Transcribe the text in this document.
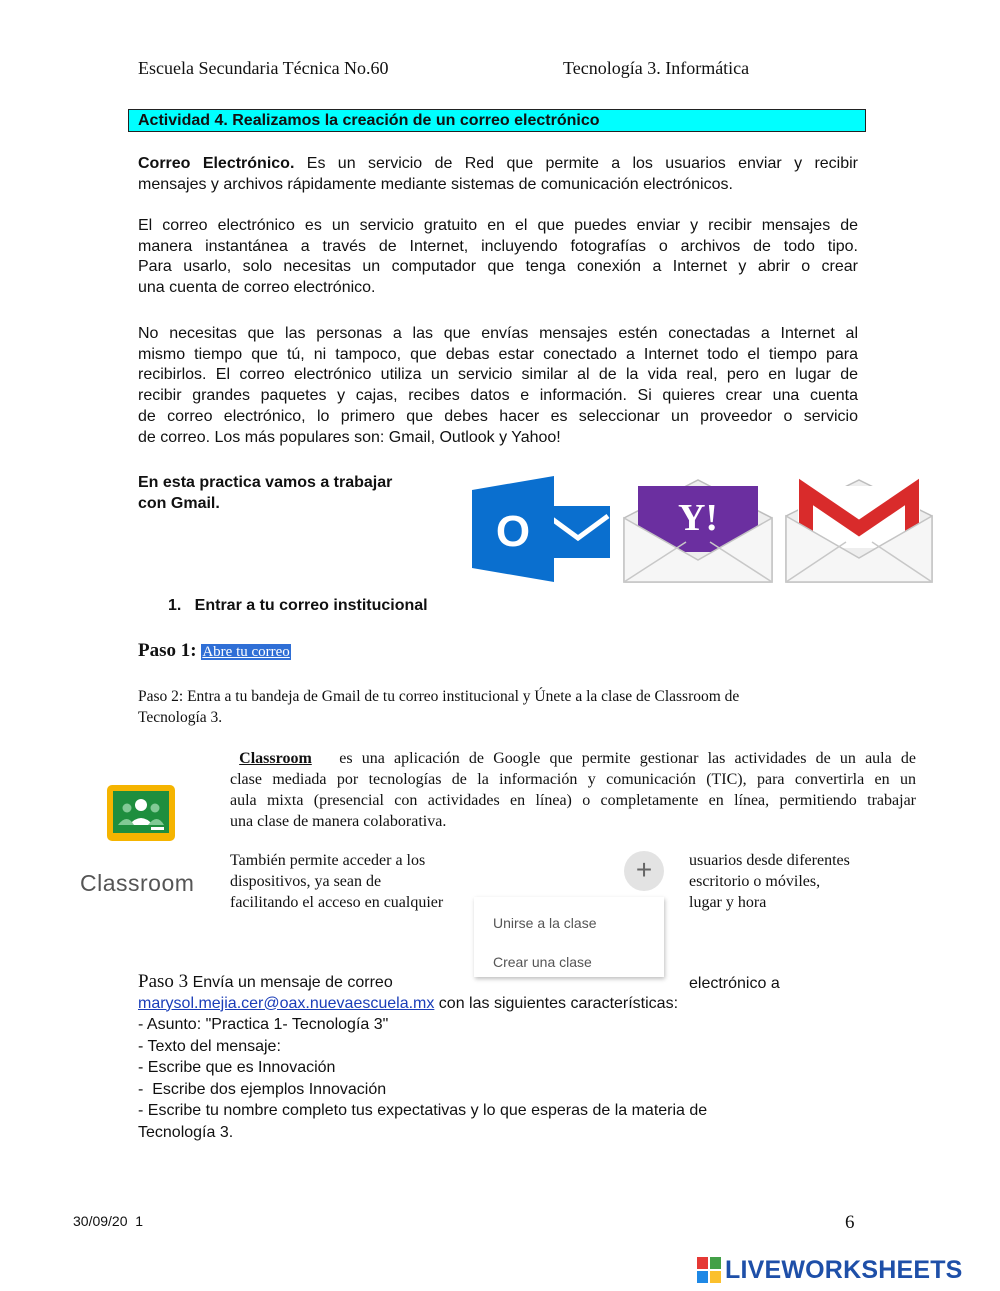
Escuela Secundaria Técnica No.60	Tecnología 3. Informática
Actividad 4. Realizamos la creación de un correo electrónico
Correo Electrónico. Es un servicio de Red que permite a los usuarios enviar y recibir
mensajes y archivos rápidamente mediante sistemas de comunicación electrónicos.
El correo electrónico es un servicio gratuito en el que puedes enviar y recibir mensajes de
manera instantánea a través de Internet, incluyendo fotografías o archivos de todo tipo.
Para usarlo, solo necesitas un computador que tenga conexión a Internet y abrir o crear
una cuenta de correo electrónico.
No necesitas que las personas a las que envías mensajes estén conectadas a Internet al
mismo tiempo que tú, ni tampoco, que debas estar conectado a Internet todo el tiempo para
recibirlos. El correo electrónico utiliza un servicio similar al de la vida real, pero en lugar de
recibir grandes paquetes y cajas, recibes datos e información. Si quieres crear una cuenta
de correo electrónico, lo primero que debes hacer es seleccionar un proveedor o servicio
de correo. Los más populares son: Gmail, Outlook y Yahoo!
En esta practica vamos a trabajar
con Gmail.
O	Y!
1.   Entrar a tu correo institucional
Paso 1: Abre tu correo
Paso 2: Entra a tu bandeja de Gmail de tu correo institucional y Únete a la clase de Classroom de
Tecnología 3.
Classroom
Classroom   es una aplicación de Google que permite gestionar las actividades de un aula de
clase mediada por tecnologías de la información y comunicación (TIC), para convertirla en un
aula mixta (presencial con actividades en línea) o completamente en línea, permitiendo trabajar
una clase de manera colaborativa.
También permite acceder a los
dispositivos, ya sean de
facilitando el acceso en cualquier
usuarios desde diferentes
escritorio o móviles,
lugar y hora
+
Unirse a la clase
Crear una clase
Paso 3 Envía un mensaje de correo	electrónico a
marysol.mejia.cer@oax.nuevaescuela.mx con las siguientes características:
- Asunto: "Practica 1- Tecnología 3"
- Texto del mensaje:
- Escribe que es Innovación
-  Escribe dos ejemplos Innovación
- Escribe tu nombre completo tus expectativas y lo que esperas de la materia de
Tecnología 3.
30/09/20  1	6
LIVEWORKSHEETS
